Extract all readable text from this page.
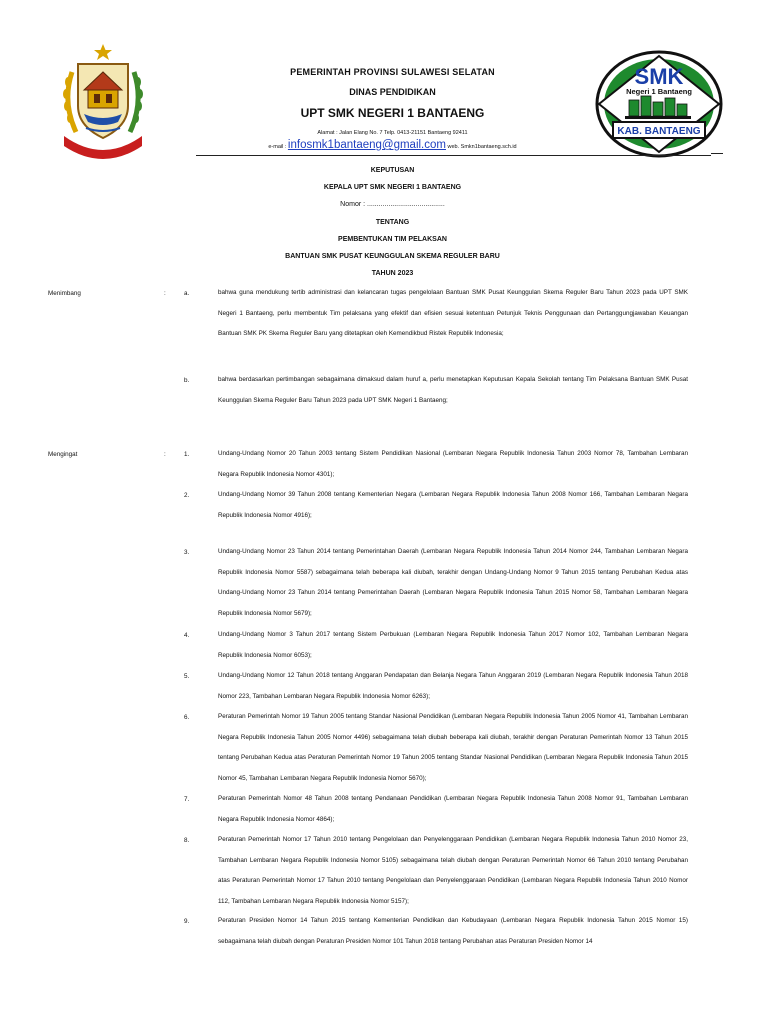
SULAWESI SELATAN
PEMERINTAH PROVINSI SULAWESI SELATAN
DINAS PENDIDIKAN
UPT SMK NEGERI 1 BANTAENG
Alamat : Jalan Elang No. 7 Telp. 0413-21151 Bantaeng 92411
e-mail : infosmk1bantaeng@gmail.com web. Smkn1bantaeng.sch.id
SMK
Negeri 1 Bantaeng
KAB. BANTAENG
KEPUTUSAN
KEPALA UPT SMK NEGERI 1 BANTAENG
Nomor : ........................................
TENTANG
PEMBENTUKAN TIM PELAKSAN
BANTUAN SMK PUSAT KEUNGGULAN SKEMA REGULER BARU
TAHUN 2023
Menimbang	:	a.	bahwa guna mendukung tertib administrasi dan kelancaran tugas pengelolaan Bantuan SMK Pusat Keunggulan Skema Reguler Baru Tahun 2023 pada UPT SMK Negeri 1 Bantaeng, perlu membentuk Tim pelaksana yang efektif dan efisien sesuai ketentuan Petunjuk Teknis Penggunaan dan Pertanggungjawaban Keuangan Bantuan SMK PK Skema Reguler Baru yang ditetapkan oleh Kemendikbud Ristek Republik Indonesia;
b.	bahwa berdasarkan pertimbangan sebagaimana dimaksud dalam huruf a, perlu menetapkan Keputusan Kepala Sekolah tentang Tim Pelaksana Bantuan SMK Pusat Keunggulan Skema Reguler Baru Tahun 2023 pada UPT SMK Negeri 1 Bantaeng;
Mengingat	:	1.	Undang-Undang Nomor 20 Tahun 2003 tentang Sistem Pendidikan Nasional (Lembaran Negara Republik Indonesia Tahun 2003 Nomor 78, Tambahan Lembaran Negara Republik Indonesia Nomor 4301);
2.	Undang-Undang Nomor 39 Tahun 2008 tentang Kementerian Negara (Lembaran Negara Republik Indonesia Tahun 2008 Nomor 166, Tambahan Lembaran Negara Republik Indonesia Nomor 4916);
3.	Undang-Undang Nomor 23 Tahun 2014 tentang Pemerintahan Daerah (Lembaran Negara Republik Indonesia Tahun 2014 Nomor 244, Tambahan Lembaran Negara Republik Indonesia Nomor 5587) sebagaimana telah beberapa kali diubah, terakhir dengan Undang-Undang Nomor 9 Tahun 2015 tentang Perubahan Kedua atas Undang-Undang Nomor 23 Tahun 2014 tentang Pemerintahan Daerah (Lembaran Negara Republik Indonesia Tahun 2015 Nomor 58, Tambahan Lembaran Negara Republik Indonesia Nomor 5679);
4.	Undang-Undang Nomor 3 Tahun 2017 tentang Sistem Perbukuan (Lembaran Negara Republik Indonesia Tahun 2017 Nomor 102, Tambahan Lembaran Negara Republik Indonesia Nomor 6053);
5.	Undang-Undang Nomor 12 Tahun 2018 tentang Anggaran Pendapatan dan Belanja Negara Tahun Anggaran 2019 (Lembaran Negara Republik Indonesia Tahun 2018 Nomor 223, Tambahan Lembaran Negara Republik Indonesia Nomor 6263);
6.	Peraturan Pemerintah Nomor 19 Tahun 2005 tentang Standar Nasional Pendidikan (Lembaran Negara Republik Indonesia Tahun 2005 Nomor 41, Tambahan Lembaran Negara Republik Indonesia Tahun 2005 Nomor 4496) sebagaimana telah diubah beberapa kali diubah, terakhir dengan Peraturan Pemerintah Nomor 13 Tahun 2015 tentang Perubahan Kedua atas Peraturan Pemerintah Nomor 19 Tahun 2005 tentang Standar Nasional Pendidikan (Lembaran Negara Republik Indonesia Tahun 2015 Nomor 45, Tambahan Lembaran Negara Republik Indonesia Nomor 5670);
7.	Peraturan Pemerintah Nomor 48 Tahun 2008 tentang Pendanaan Pendidikan (Lembaran Negara Republik Indonesia Tahun 2008 Nomor 91, Tambahan Lembaran Negara Republik Indonesia Nomor 4864);
8.	Peraturan Pemerintah Nomor 17 Tahun 2010 tentang Pengelolaan dan Penyelenggaraan Pendidikan (Lembaran Negara Republik Indonesia Tahun 2010 Nomor 23, Tambahan Lembaran Negara Republik Indonesia Nomor 5105) sebagaimana telah diubah dengan Peraturan Pemerintah Nomor 66 Tahun 2010 tentang Perubahan atas Peraturan Pemerintah Nomor 17 Tahun 2010 tentang Pengelolaan dan Penyelenggaraan Pendidikan (Lembaran Negara Republik Indonesia Tahun 2010 Nomor 112, Tambahan Lembaran Negara Republik Indonesia Nomor 5157);
9.	Peraturan Presiden Nomor 14 Tahun 2015 tentang Kementerian Pendidikan dan Kebudayaan (Lembaran Negara Republik Indonesia Tahun 2015 Nomor 15) sebagaimana telah diubah dengan Peraturan Presiden Nomor 101 Tahun 2018 tentang Perubahan atas Peraturan Presiden Nomor 14
